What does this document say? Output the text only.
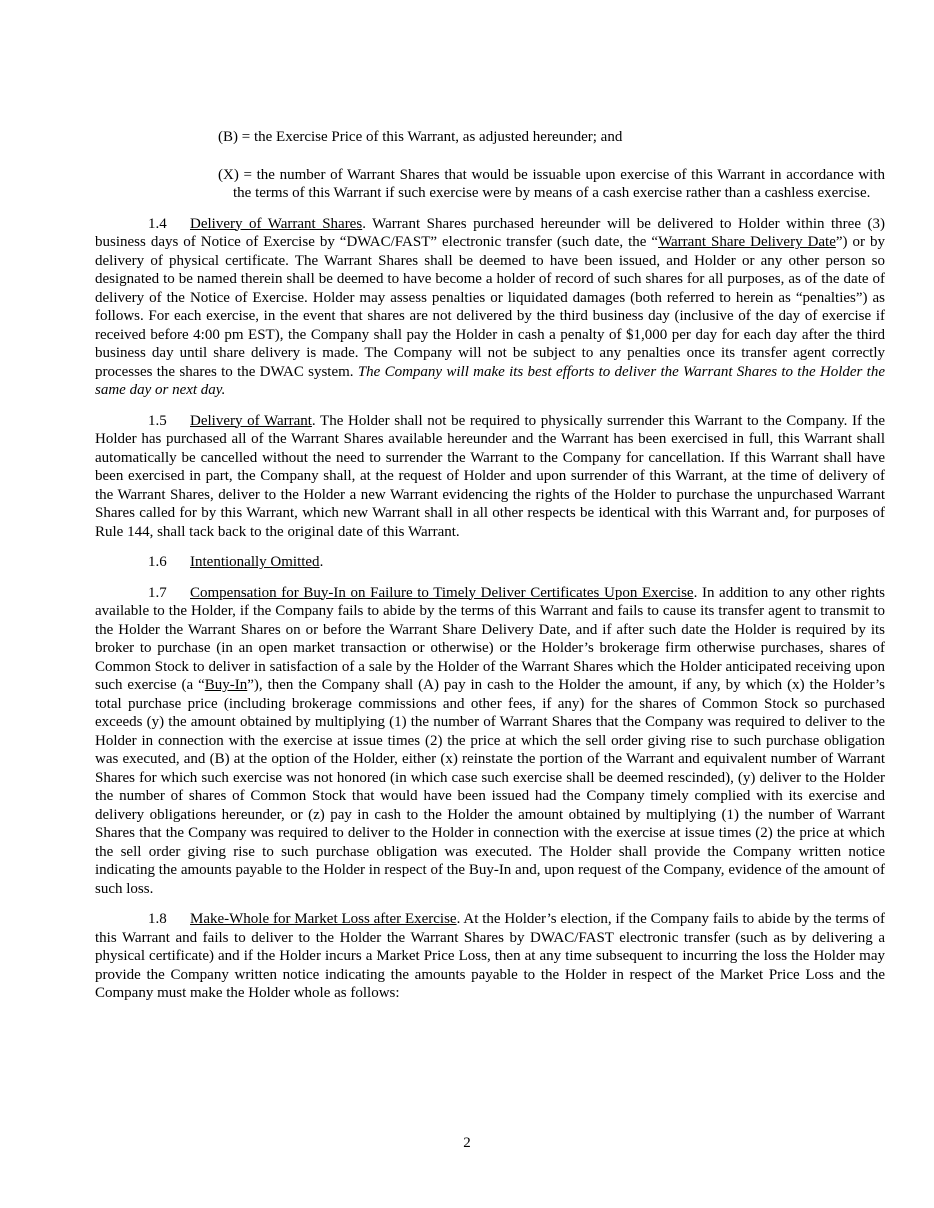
(B) = the Exercise Price of this Warrant, as adjusted hereunder; and

(X) = the number of Warrant Shares that would be issuable upon exercise of this Warrant in accordance with the terms of this Warrant if such exercise were by means of a cash exercise rather than a cashless exercise.

1.4 Delivery of Warrant Shares. Warrant Shares purchased hereunder will be delivered to Holder within three (3) business days of Notice of Exercise by “DWAC/FAST” electronic transfer (such date, the “Warrant Share Delivery Date”) or by delivery of physical certificate. The Warrant Shares shall be deemed to have been issued, and Holder or any other person so designated to be named therein shall be deemed to have become a holder of record of such shares for all purposes, as of the date of delivery of the Notice of Exercise. Holder may assess penalties or liquidated damages (both referred to herein as “penalties”) as follows. For each exercise, in the event that shares are not delivered by the third business day (inclusive of the day of exercise if received before 4:00 pm EST), the Company shall pay the Holder in cash a penalty of $1,000 per day for each day after the third business day until share delivery is made. The Company will not be subject to any penalties once its transfer agent correctly processes the shares to the DWAC system. The Company will make its best efforts to deliver the Warrant Shares to the Holder the same day or next day.

1.5 Delivery of Warrant. The Holder shall not be required to physically surrender this Warrant to the Company. If the Holder has purchased all of the Warrant Shares available hereunder and the Warrant has been exercised in full, this Warrant shall automatically be cancelled without the need to surrender the Warrant to the Company for cancellation. If this Warrant shall have been exercised in part, the Company shall, at the request of Holder and upon surrender of this Warrant, at the time of delivery of the Warrant Shares, deliver to the Holder a new Warrant evidencing the rights of the Holder to purchase the unpurchased Warrant Shares called for by this Warrant, which new Warrant shall in all other respects be identical with this Warrant and, for purposes of Rule 144, shall tack back to the original date of this Warrant.

1.6 Intentionally Omitted.

1.7 Compensation for Buy-In on Failure to Timely Deliver Certificates Upon Exercise. In addition to any other rights available to the Holder, if the Company fails to abide by the terms of this Warrant and fails to cause its transfer agent to transmit to the Holder the Warrant Shares on or before the Warrant Share Delivery Date, and if after such date the Holder is required by its broker to purchase (in an open market transaction or otherwise) or the Holder’s brokerage firm otherwise purchases, shares of Common Stock to deliver in satisfaction of a sale by the Holder of the Warrant Shares which the Holder anticipated receiving upon such exercise (a “Buy-In”), then the Company shall (A) pay in cash to the Holder the amount, if any, by which (x) the Holder’s total purchase price (including brokerage commissions and other fees, if any) for the shares of Common Stock so purchased exceeds (y) the amount obtained by multiplying (1) the number of Warrant Shares that the Company was required to deliver to the Holder in connection with the exercise at issue times (2) the price at which the sell order giving rise to such purchase obligation was executed, and (B) at the option of the Holder, either (x) reinstate the portion of the Warrant and equivalent number of Warrant Shares for which such exercise was not honored (in which case such exercise shall be deemed rescinded), (y) deliver to the Holder the number of shares of Common Stock that would have been issued had the Company timely complied with its exercise and delivery obligations hereunder, or (z) pay in cash to the Holder the amount obtained by multiplying (1) the number of Warrant Shares that the Company was required to deliver to the Holder in connection with the exercise at issue times (2) the price at which the sell order giving rise to such purchase obligation was executed. The Holder shall provide the Company written notice indicating the amounts payable to the Holder in respect of the Buy-In and, upon request of the Company, evidence of the amount of such loss.

1.8 Make-Whole for Market Loss after Exercise. At the Holder’s election, if the Company fails to abide by the terms of this Warrant and fails to deliver to the Holder the Warrant Shares by DWAC/FAST electronic transfer (such as by delivering a physical certificate) and if the Holder incurs a Market Price Loss, then at any time subsequent to incurring the loss the Holder may provide the Company written notice indicating the amounts payable to the Holder in respect of the Market Price Loss and the Company must make the Holder whole as follows:

2
